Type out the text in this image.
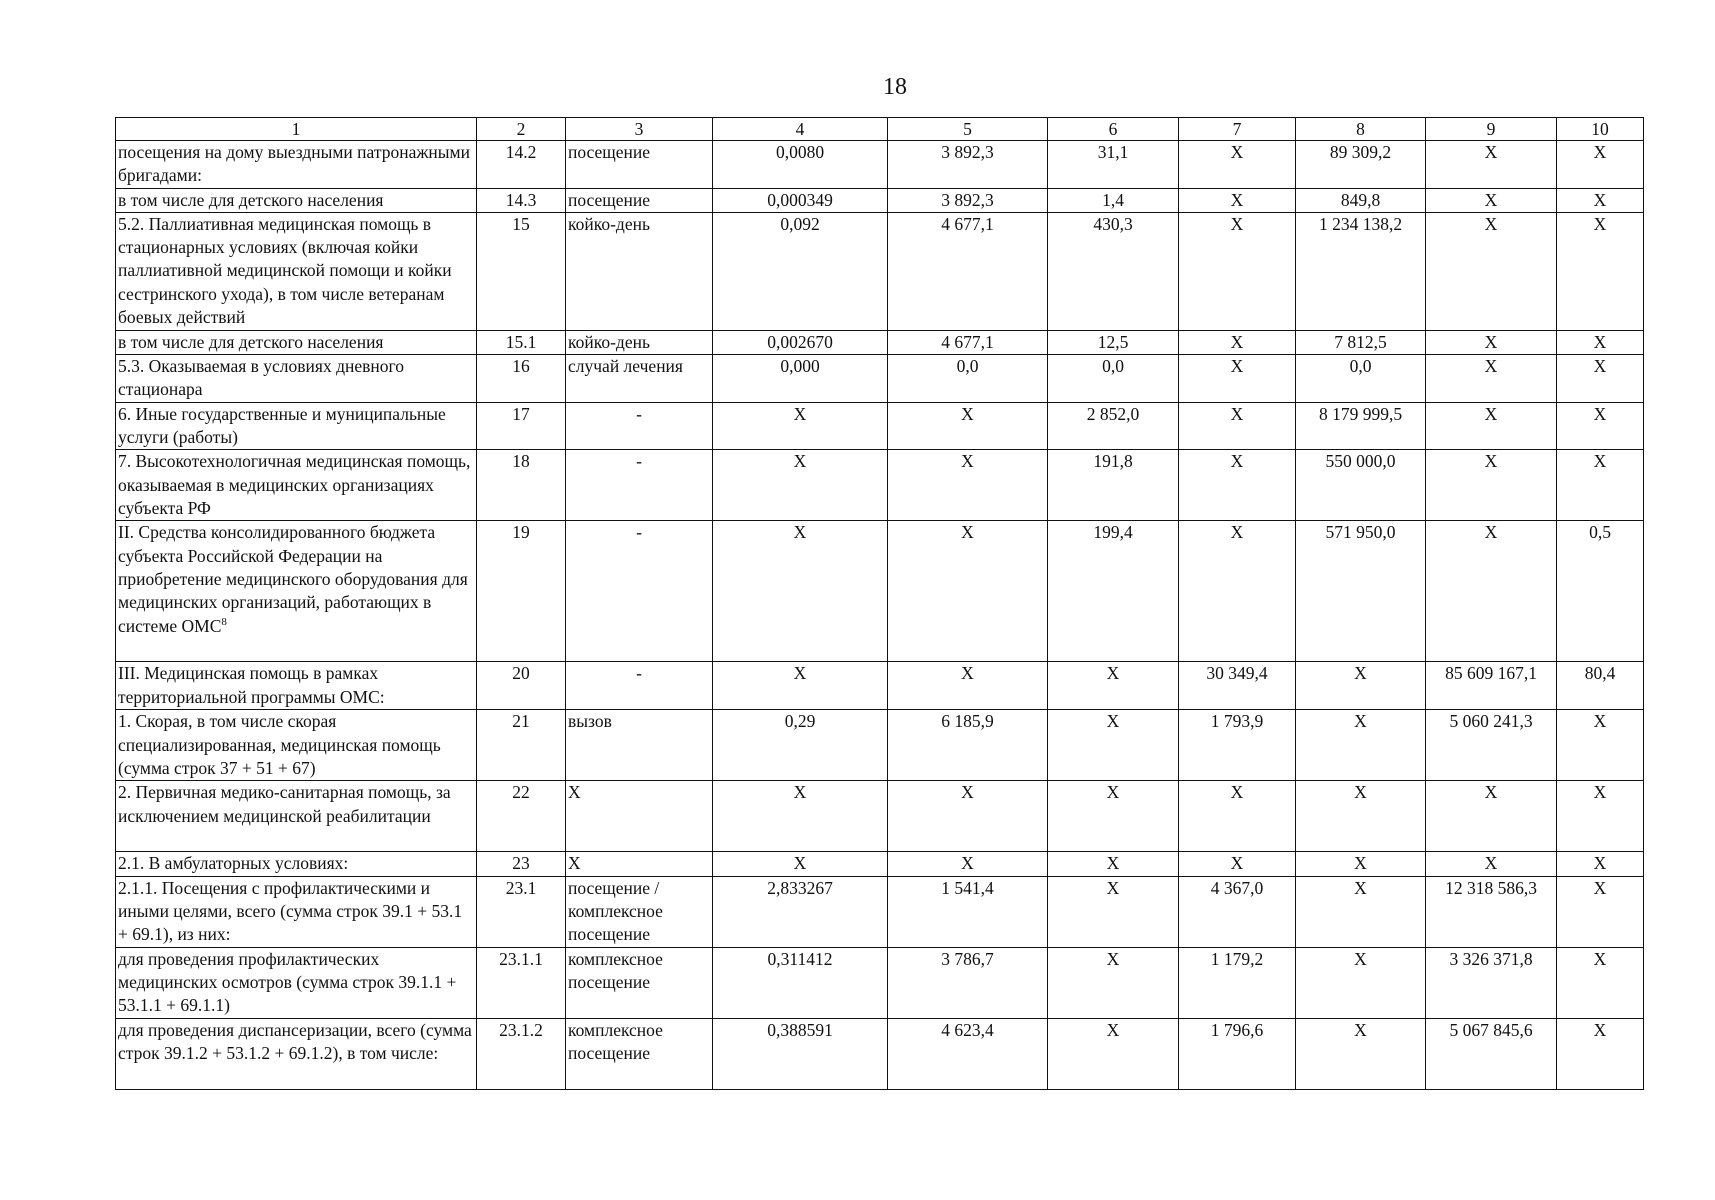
18
1	2	3	4	5	6	7	8	9	10
посещения на дому выездными патронажными бригадами:	14.2	посещение	0,0080	3 892,3	31,1	Х	89 309,2	Х	Х
в том числе для детского населения	14.3	посещение	0,000349	3 892,3	1,4	Х	849,8	Х	Х
5.2. Паллиативная медицинская помощь в стационарных условиях (включая койки паллиативной медицинской помощи и койки сестринского ухода), в том числе ветеранам боевых действий	15	койко-день	0,092	4 677,1	430,3	Х	1 234 138,2	Х	Х
в том числе для детского населения	15.1	койко-день	0,002670	4 677,1	12,5	Х	7 812,5	Х	Х
5.3. Оказываемая в условиях дневного стационара	16	случай лечения	0,000	0,0	0,0	Х	0,0	Х	Х
6. Иные государственные и муниципальные услуги (работы)	17	-	Х	Х	2 852,0	Х	8 179 999,5	Х	Х
7. Высокотехнологичная медицинская помощь, оказываемая в медицинских организациях субъекта РФ	18	-	Х	Х	191,8	Х	550 000,0	Х	Х
II. Средства консолидированного бюджета субъекта Российской Федерации на приобретение медицинского оборудования для медицинских организаций, работающих в системе ОМС$^8$	19	-	Х	Х	199,4	Х	571 950,0	Х	0,5
III. Медицинская помощь в рамках территориальной программы ОМС:	20	-	Х	Х	Х	30 349,4	Х	85 609 167,1	80,4
1. Скорая, в том числе скорая специализированная, медицинская помощь (сумма строк 37 + 51 + 67)	21	вызов	0,29	6 185,9	Х	1 793,9	Х	5 060 241,3	Х
2. Первичная медико-санитарная помощь, за исключением медицинской реабилитации	22	Х	Х	Х	Х	Х	Х	Х	Х
2.1. В амбулаторных условиях:	23	Х	Х	Х	Х	Х	Х	Х	Х
2.1.1. Посещения с профилактическими и иными целями, всего (сумма строк 39.1 + 53.1 + 69.1), из них:	23.1	посещение / комплексное посещение	2,833267	1 541,4	Х	4 367,0	Х	12 318 586,3	Х
для проведения профилактических медицинских осмотров (сумма строк 39.1.1 + 53.1.1 + 69.1.1)	23.1.1	комплексное посещение	0,311412	3 786,7	Х	1 179,2	Х	3 326 371,8	Х
для проведения диспансеризации, всего (сумма строк 39.1.2 + 53.1.2 + 69.1.2), в том числе:	23.1.2	комплексное посещение	0,388591	4 623,4	Х	1 796,6	Х	5 067 845,6	Х
